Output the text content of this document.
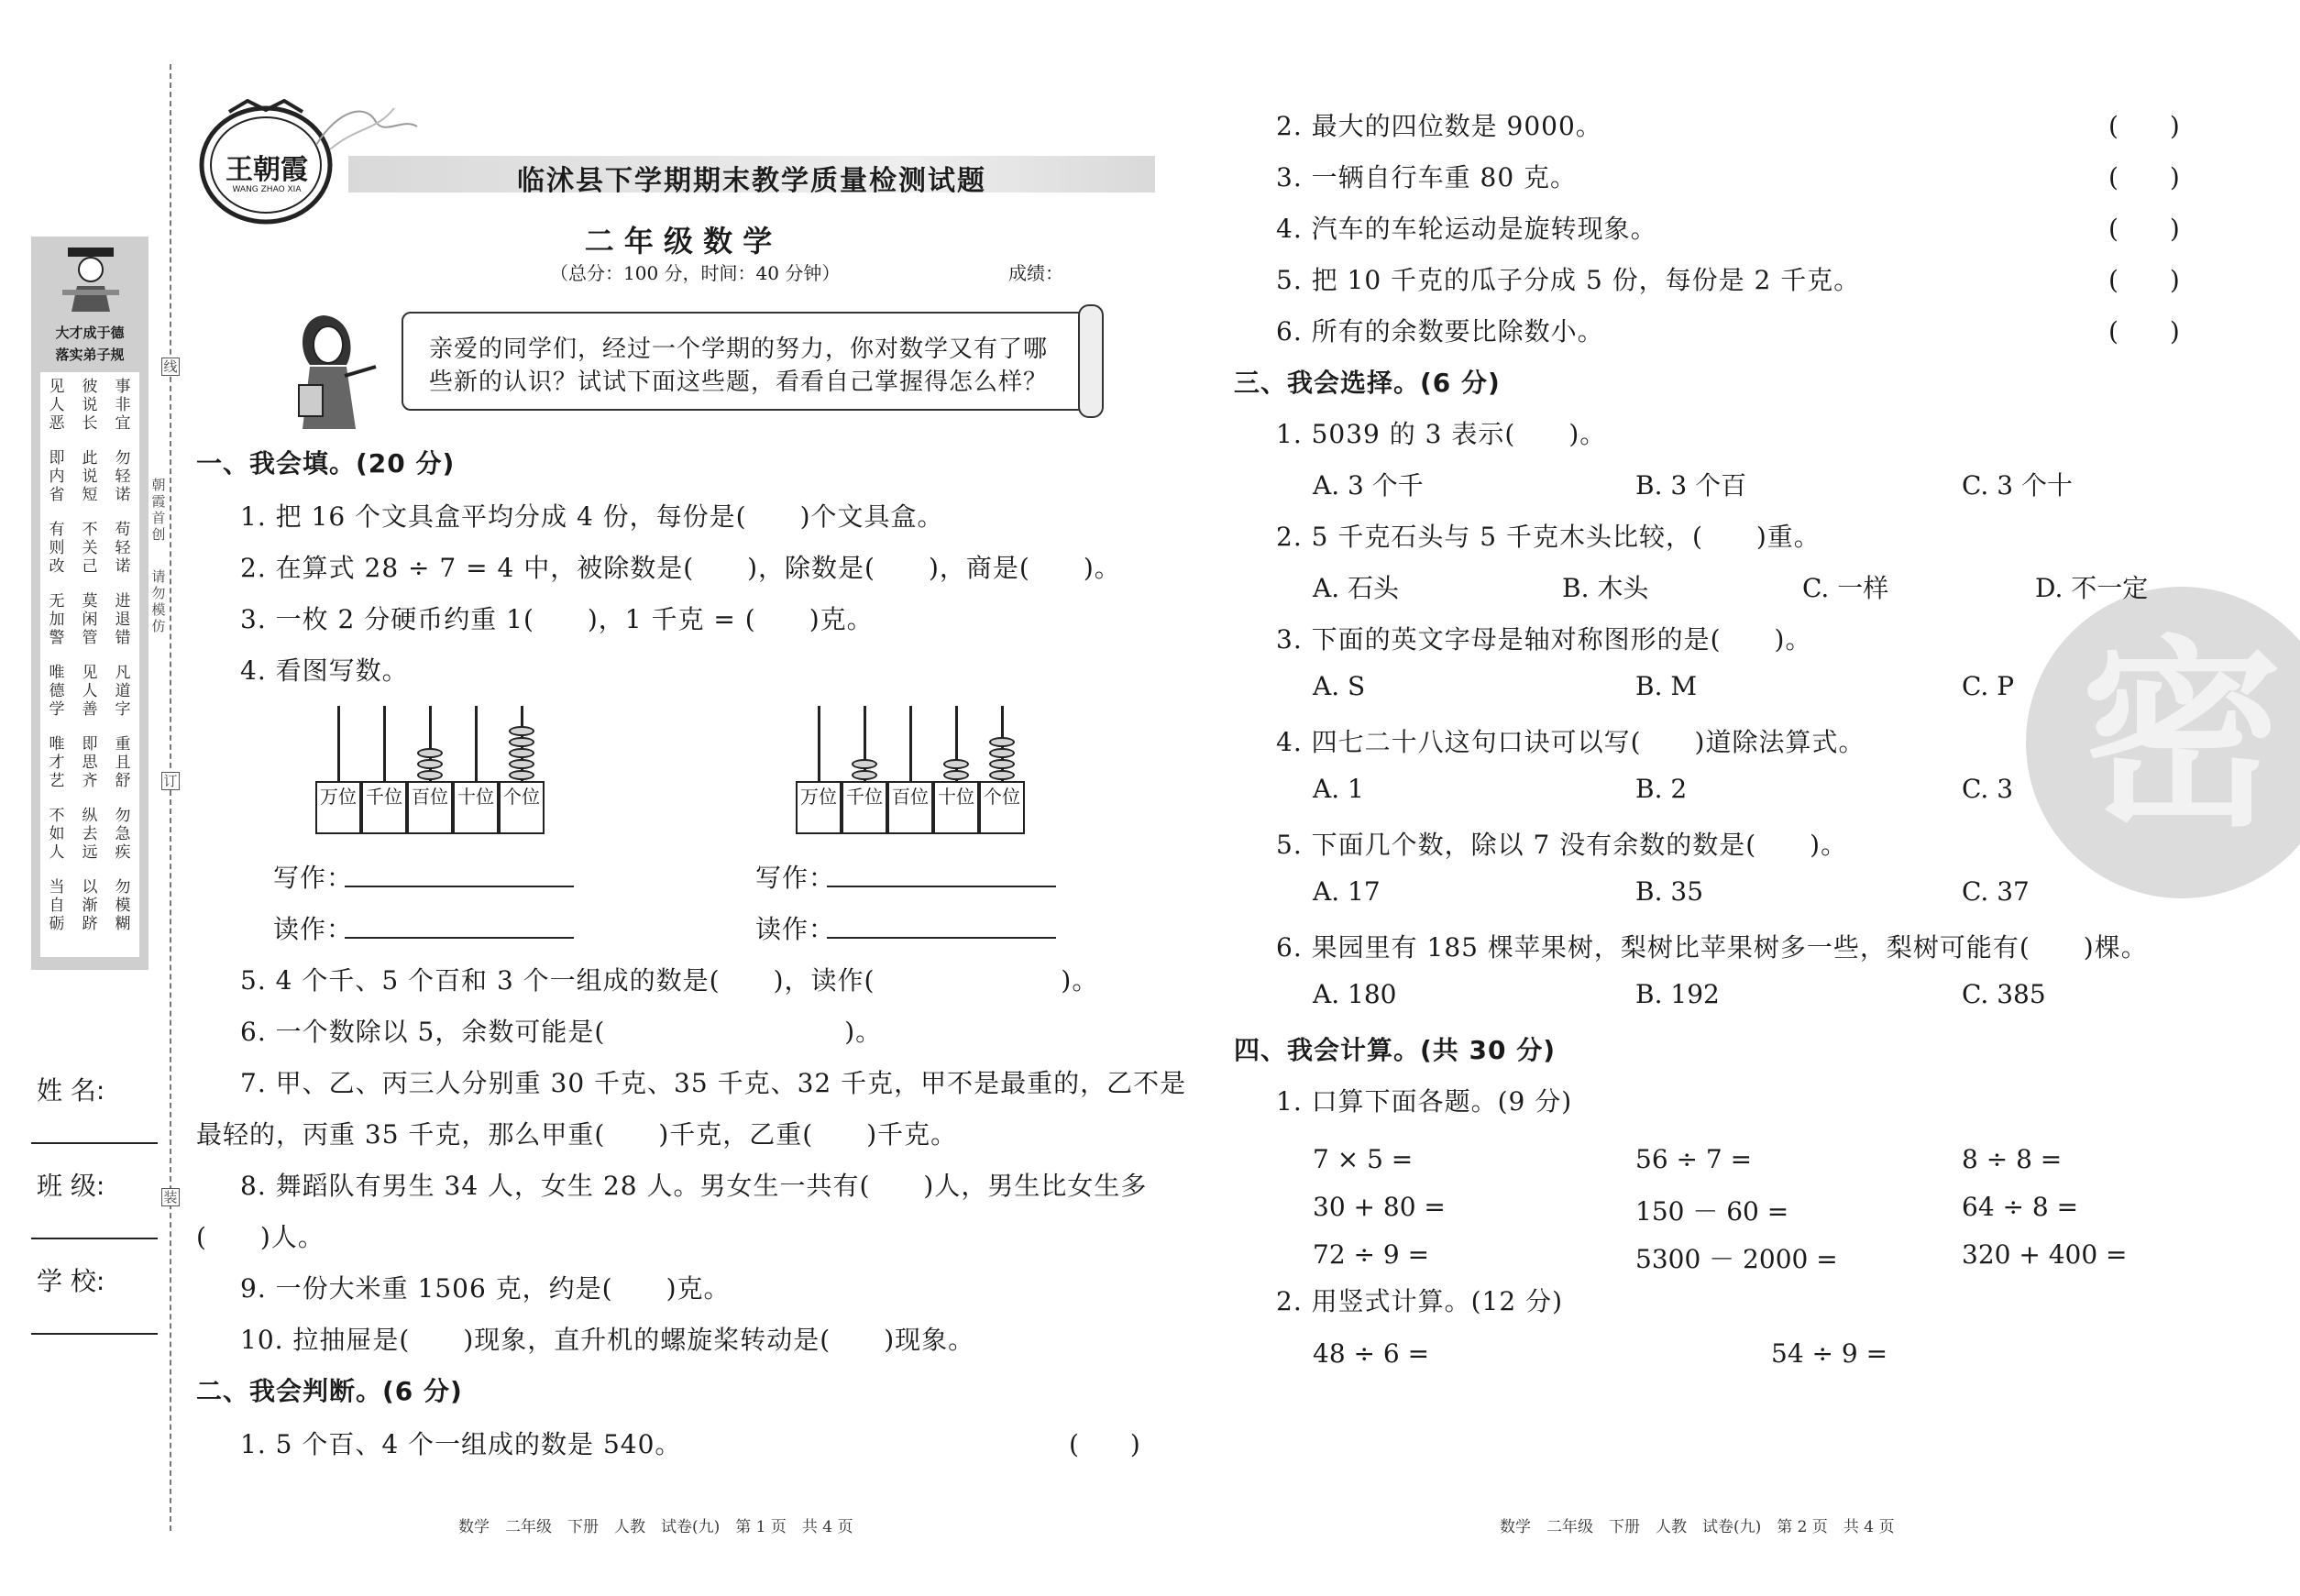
大才成于德
落实弟子规
见人恶
即内省
有则改
无加警
唯德学
唯才艺
不如人
当自砺
彼说长
此说短
不关己
莫闲管
见人善
即思齐
纵去远
以渐跻
事非宜
勿轻诺
苟轻诺
进退错
凡道字
重且舒
勿急疾
勿模糊
线
朝霞首创
请勿模仿
订
装
姓 名:
班 级:
学 校:
王朝霞
WANG ZHAO XIA	临沭县下学期期末教学质量检测试题
二 年 级 数 学
（总分：100 分，时间：40 分钟）	成绩：
亲爱的同学们，经过一个学期的努力，你对数学又有了哪
些新的认识？试试下面这些题，看看自己掌握得怎么样？
一、我会填。(20 分)
1. 把 16 个文具盒平均分成 4 份，每份是(　　)个文具盒。
2. 在算式 28 ÷ 7 = 4 中，被除数是(　　)，除数是(　　)，商是(　　)。
3. 一枚 2 分硬币约重 1(　　)，1 千克 = (　　)克。
4. 看图写数。
万位 千位 百位 十位 个位	万位 千位 百位 十位 个位
写作：
读作：
写作：
读作：
5. 4 个千、5 个百和 3 个一组成的数是(　　)，读作(　　　　　　　)。
6. 一个数除以 5，余数可能是(　　　　　　　　　)。
7. 甲、乙、丙三人分别重 30 千克、35 千克、32 千克，甲不是最重的，乙不是
最轻的，丙重 35 千克，那么甲重(　　)千克，乙重(　　)千克。
8. 舞蹈队有男生 34 人，女生 28 人。男女生一共有(　　)人，男生比女生多
(　　)人。
9. 一份大米重 1506 克，约是(　　)克。
10. 拉抽屉是(　　)现象，直升机的螺旋桨转动是(　　)现象。
二、我会判断。(6 分)
1. 5 个百、4 个一组成的数是 540。	(　　)
2. 最大的四位数是 9000。	(　　)
3. 一辆自行车重 80 克。	(　　)
4. 汽车的车轮运动是旋转现象。	(　　)
5. 把 10 千克的瓜子分成 5 份，每份是 2 千克。	(　　)
6. 所有的余数要比除数小。	(　　)
密
三、我会选择。(6 分)
1. 5039 的 3 表示(　　)。
A. 3 个千	B. 3 个百	C. 3 个十
2. 5 千克石头与 5 千克木头比较，(　　)重。
A. 石头	B. 木头	C. 一样	D. 不一定
3. 下面的英文字母是轴对称图形的是(　　)。
A. S	B. M	C. P
4. 四七二十八这句口诀可以写(　　)道除法算式。
A. 1	B. 2	C. 3
5. 下面几个数，除以 7 没有余数的数是(　　)。
A. 17	B. 35	C. 37
6. 果园里有 185 棵苹果树，梨树比苹果树多一些，梨树可能有(　　)棵。
A. 180	B. 192	C. 385
四、我会计算。(共 30 分)
1. 口算下面各题。(9 分)
7 × 5 =	56 ÷ 7 =	8 ÷ 8 =
30 + 80 =	150 － 60 =	64 ÷ 8 =
72 ÷ 9 =	5300 － 2000 =	320 + 400 =
2. 用竖式计算。(12 分)
48 ÷ 6 =	54 ÷ 9 =
数学　二年级　下册　人教　试卷(九)　第 1 页　共 4 页	数学　二年级　下册　人教　试卷(九)　第 2 页　共 4 页
